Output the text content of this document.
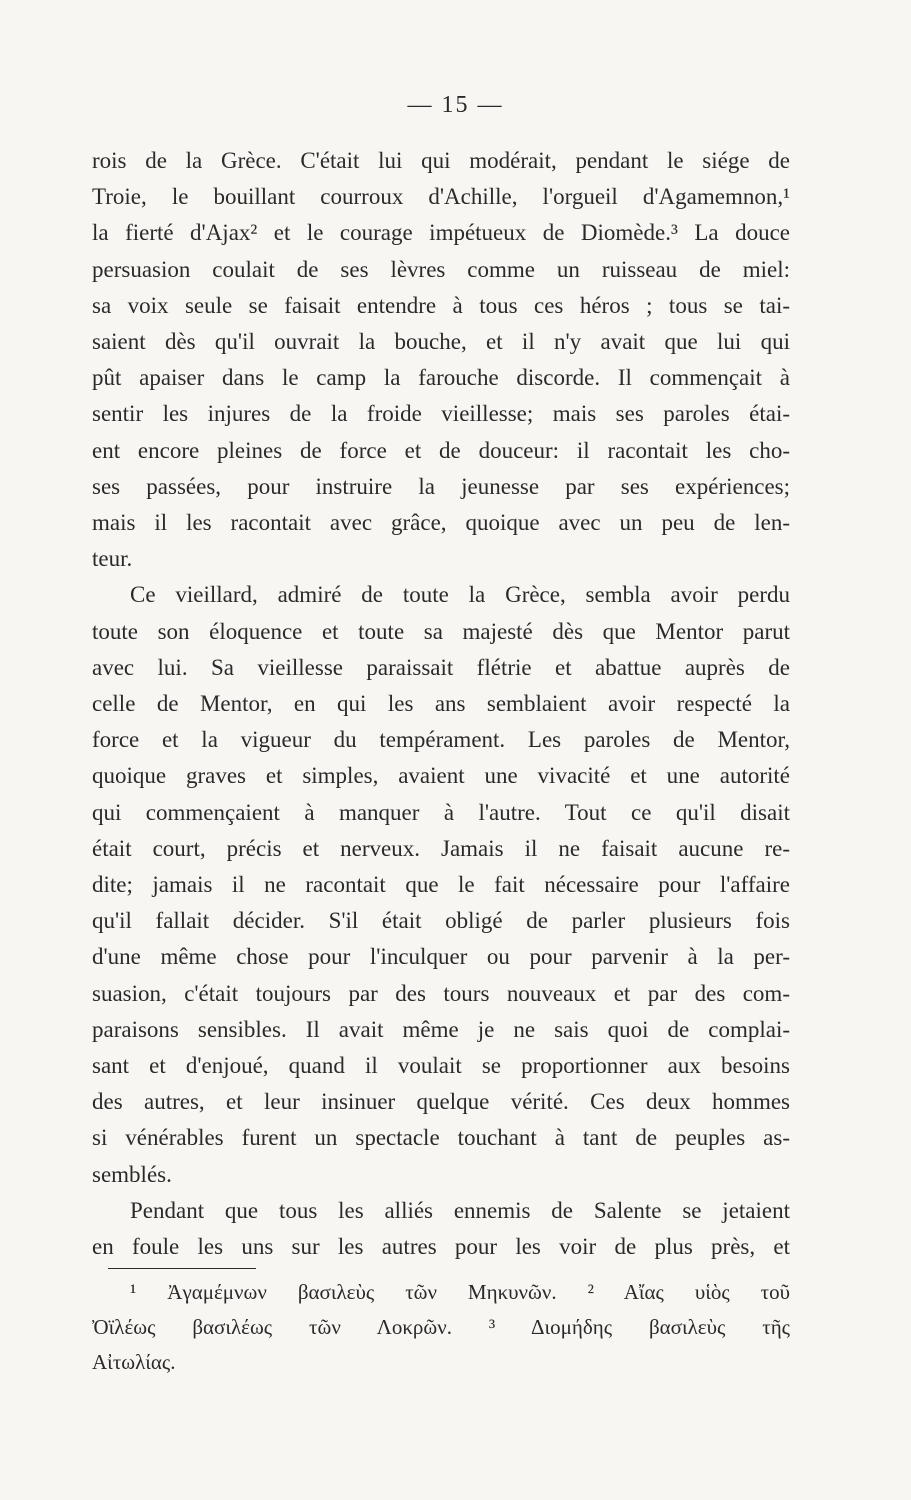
— 15 —
rois de la Grèce. C'était lui qui modérait, pendant le siége de
Troie, le bouillant courroux d'Achille, l'orgueil d'Agamemnon,¹
la fierté d'Ajax² et le courage impétueux de Diomède.³ La douce
persuasion coulait de ses lèvres comme un ruisseau de miel:
sa voix seule se faisait entendre à tous ces héros ; tous se tai-
saient dès qu'il ouvrait la bouche, et il n'y avait que lui qui
pût apaiser dans le camp la farouche discorde. Il commençait à
sentir les injures de la froide vieillesse; mais ses paroles étai-
ent encore pleines de force et de douceur: il racontait les cho-
ses passées, pour instruire la jeunesse par ses expériences;
mais il les racontait avec grâce, quoique avec un peu de len-
teur.
Ce vieillard, admiré de toute la Grèce, sembla avoir perdu
toute son éloquence et toute sa majesté dès que Mentor parut
avec lui. Sa vieillesse paraissait flétrie et abattue auprès de
celle de Mentor, en qui les ans semblaient avoir respecté la
force et la vigueur du tempérament. Les paroles de Mentor,
quoique graves et simples, avaient une vivacité et une autorité
qui commençaient à manquer à l'autre. Tout ce qu'il disait
était court, précis et nerveux. Jamais il ne faisait aucune re-
dite; jamais il ne racontait que le fait nécessaire pour l'affaire
qu'il fallait décider. S'il était obligé de parler plusieurs fois
d'une même chose pour l'inculquer ou pour parvenir à la per-
suasion, c'était toujours par des tours nouveaux et par des com-
paraisons sensibles. Il avait même je ne sais quoi de complai-
sant et d'enjoué, quand il voulait se proportionner aux besoins
des autres, et leur insinuer quelque vérité. Ces deux hommes
si vénérables furent un spectacle touchant à tant de peuples as-
semblés.
Pendant que tous les alliés ennemis de Salente se jetaient
en foule les uns sur les autres pour les voir de plus près, et
¹ Ἀγαμέμνων βασιλεὺς τῶν Μηκυνῶν. ² Αἴας υἱὸς τοῦ
Ὀϊλέως βασιλέως τῶν Λοκρῶν. ³ Διομήδης βασιλεὺς τῆς
Αἰτωλίας.
